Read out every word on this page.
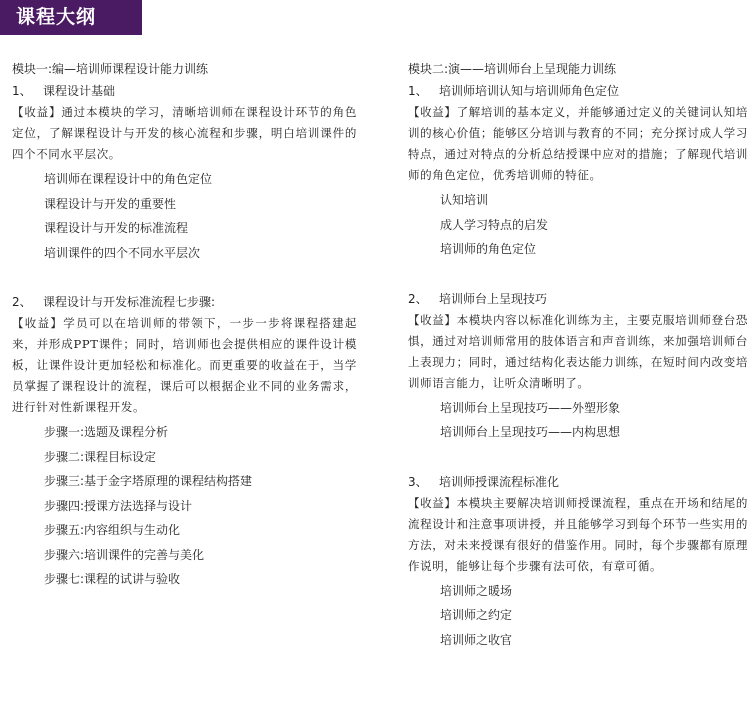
课程大纲
模块一:编—培训师课程设计能力训练
1、 课程设计基础
【收益】通过本模块的学习，清晰培训师在课程设计环节的角色定位，了解课程设计与开发的核心流程和步骤，明白培训课件的四个不同水平层次。
培训师在课程设计中的角色定位
课程设计与开发的重要性
课程设计与开发的标准流程
培训课件的四个不同水平层次
2、 课程设计与开发标准流程七步骤:
【收益】学员可以在培训师的带领下，一步一步将课程搭建起来，并形成PPT课件；同时，培训师也会提供相应的课件设计模板，让课件设计更加轻松和标准化。而更重要的收益在于，当学员掌握了课程设计的流程，课后可以根据企业不同的业务需求，进行针对性新课程开发。
步骤一:选题及课程分析
步骤二:课程目标设定
步骤三:基于金字塔原理的课程结构搭建
步骤四:授课方法选择与设计
步骤五:内容组织与生动化
步骤六:培训课件的完善与美化
步骤七:课程的试讲与验收
模块二:演——培训师台上呈现能力训练
1、 培训师培训认知与培训师角色定位
【收益】了解培训的基本定义，并能够通过定义的关键词认知培训的核心价值；能够区分培训与教育的不同；充分探讨成人学习特点，通过对特点的分析总结授课中应对的措施；了解现代培训师的角色定位，优秀培训师的特征。
认知培训
成人学习特点的启发
培训师的角色定位
2、 培训师台上呈现技巧
【收益】本模块内容以标准化训练为主，主要克服培训师登台恐惧，通过对培训师常用的肢体语言和声音训练，来加强培训师台上表现力；同时，通过结构化表达能力训练，在短时间内改变培训师语言能力，让听众清晰明了。
培训师台上呈现技巧——外塑形象
培训师台上呈现技巧——内构思想
3、 培训师授课流程标准化
【收益】本模块主要解决培训师授课流程，重点在开场和结尾的流程设计和注意事项讲授，并且能够学习到每个环节一些实用的方法，对未来授课有很好的借鉴作用。同时，每个步骤都有原理作说明，能够让每个步骤有法可依，有章可循。
培训师之暖场
培训师之约定
培训师之收官
